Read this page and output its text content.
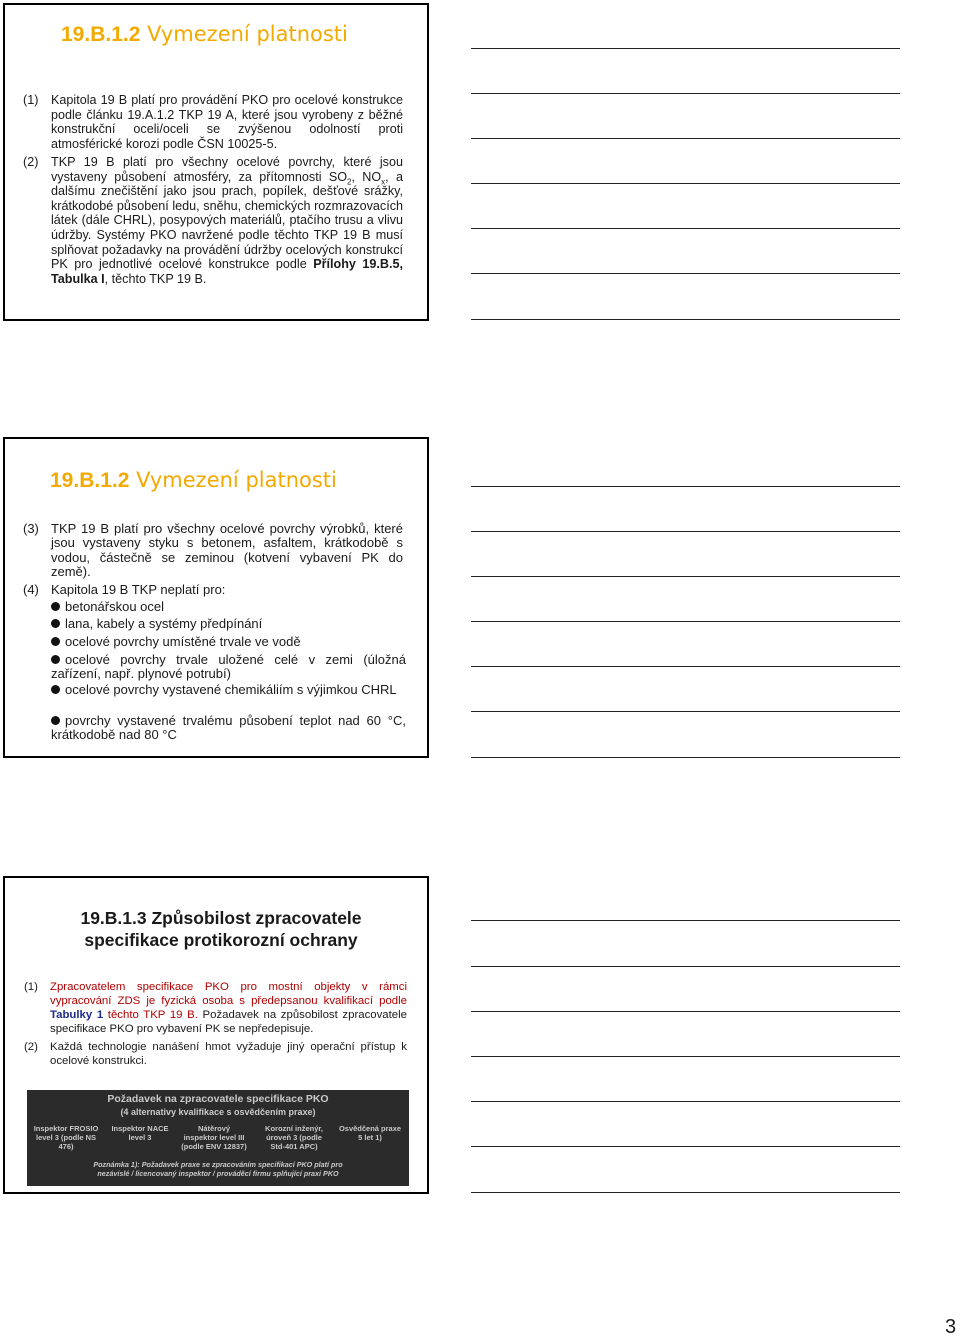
19.B.1.2 Vymezení platnosti
(1) Kapitola 19 B platí pro provádění PKO pro ocelové konstrukce podle článku 19.A.1.2 TKP 19 A, které jsou vyrobeny z běžné konstrukční oceli/oceli se zvýšenou odolností proti atmosférické korozi podle ČSN 10025-5.
(2) TKP 19 B platí pro všechny ocelové povrchy, které jsou vystaveny působení atmosféry, za přítomnosti $SO_2$, $NO_x$, a dalšímu znečištění jako jsou prach, popílek, dešťové srážky, krátkodobé působení ledu, sněhu, chemických rozmrazovacích látek (dále CHRL), posypových materiálů, ptačího trusu a vlivu údržby. Systémy PKO navržené podle těchto TKP 19 B musí splňovat požadavky na provádění údržby ocelových konstrukcí PK pro jednotlivé ocelové konstrukce podle Přílohy 19.B.5, Tabulka I, těchto TKP 19 B.
19.B.1.2 Vymezení platnosti
(3) TKP 19 B platí pro všechny ocelové povrchy výrobků, které jsou vystaveny styku s betonem, asfaltem, krátkodobě s vodou, částečně se zeminou (kotvení vybavení PK do země).
(4) Kapitola 19 B TKP neplatí pro:
betonářskou ocel
lana, kabely a systémy předpínání
ocelové povrchy umístěné trvale ve vodě
ocelové povrchy trvale uložené celé v zemi (úložná zařízení, např. plynové potrubí)
ocelové povrchy vystavené chemikáliím s výjimkou CHRL
povrchy vystavené trvalému působení teplot nad 60 °C, krátkodobě nad 80 °C
19.B.1.3 Způsobilost zpracovatele
specifikace protikorozní ochrany
(1) Zpracovatelem specifikace PKO pro mostní objekty v rámci vypracování ZDS je fyzická osoba s předepsanou kvalifikací podle Tabulky 1 těchto TKP 19 B. Požadavek na způsobilost zpracovatele specifikace PKO pro vybavení PK se nepředepisuje.
(2) Každá technologie nanášení hmot vyžaduje jiný operační přístup k ocelové konstrukci.
Požadavek na zpracovatele specifikace PKO
(4 alternativy kvalifikace s osvědčením praxe)
Inspektor FROSIO level 3 (podle NS 476)
Inspektor NACE level 3
Nátěrový inspektor level III (podle ENV 12837)
Korozní inženýr, úroveň 3 (podle Std-401 APC)
Osvědčená praxe 5 let 1)
Poznámka 1): Požadavek praxe se zpracováním specifikací PKO platí pro
nezávislé / licencovaný inspektor / prováděcí firmu splňující praxi PKO
3
